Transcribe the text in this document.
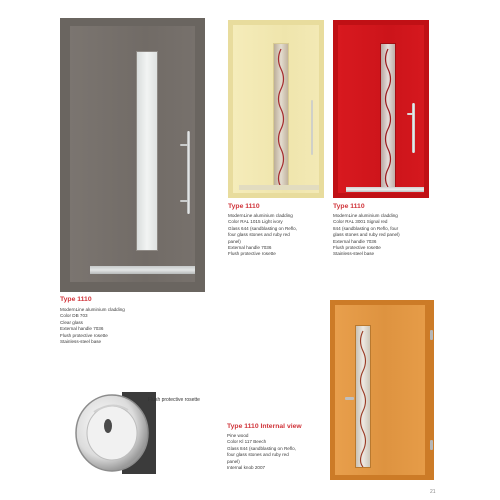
Type 1110
ModernLine aluminium cladding
Color DB 703
Clear glass
External handle 7036
Flush protective rosette
Stainless-steel base
Type 1110
ModernLine aluminium cladding
Color RAL 1015 Light ivory
Glass 644 (sandblasting on Reflo,
four glass stones and ruby red
panel)
External handle 7036
Flush protective rosette
Type 1110
ModernLine aluminium cladding
Color RAL 3001 Signal red
844 (sandblasting on Reflo, four
glass stones and ruby red panel)
External handle 7036
Flush protective rosette
Stainless-steel base
Flush protective rosette
Type 1110 Internal view
Pine wood
Color Kl 117 Beech
Glass 844 (sandblasting on Reflo,
four glass stones and ruby red
panel)
Internal knob 2007
21
